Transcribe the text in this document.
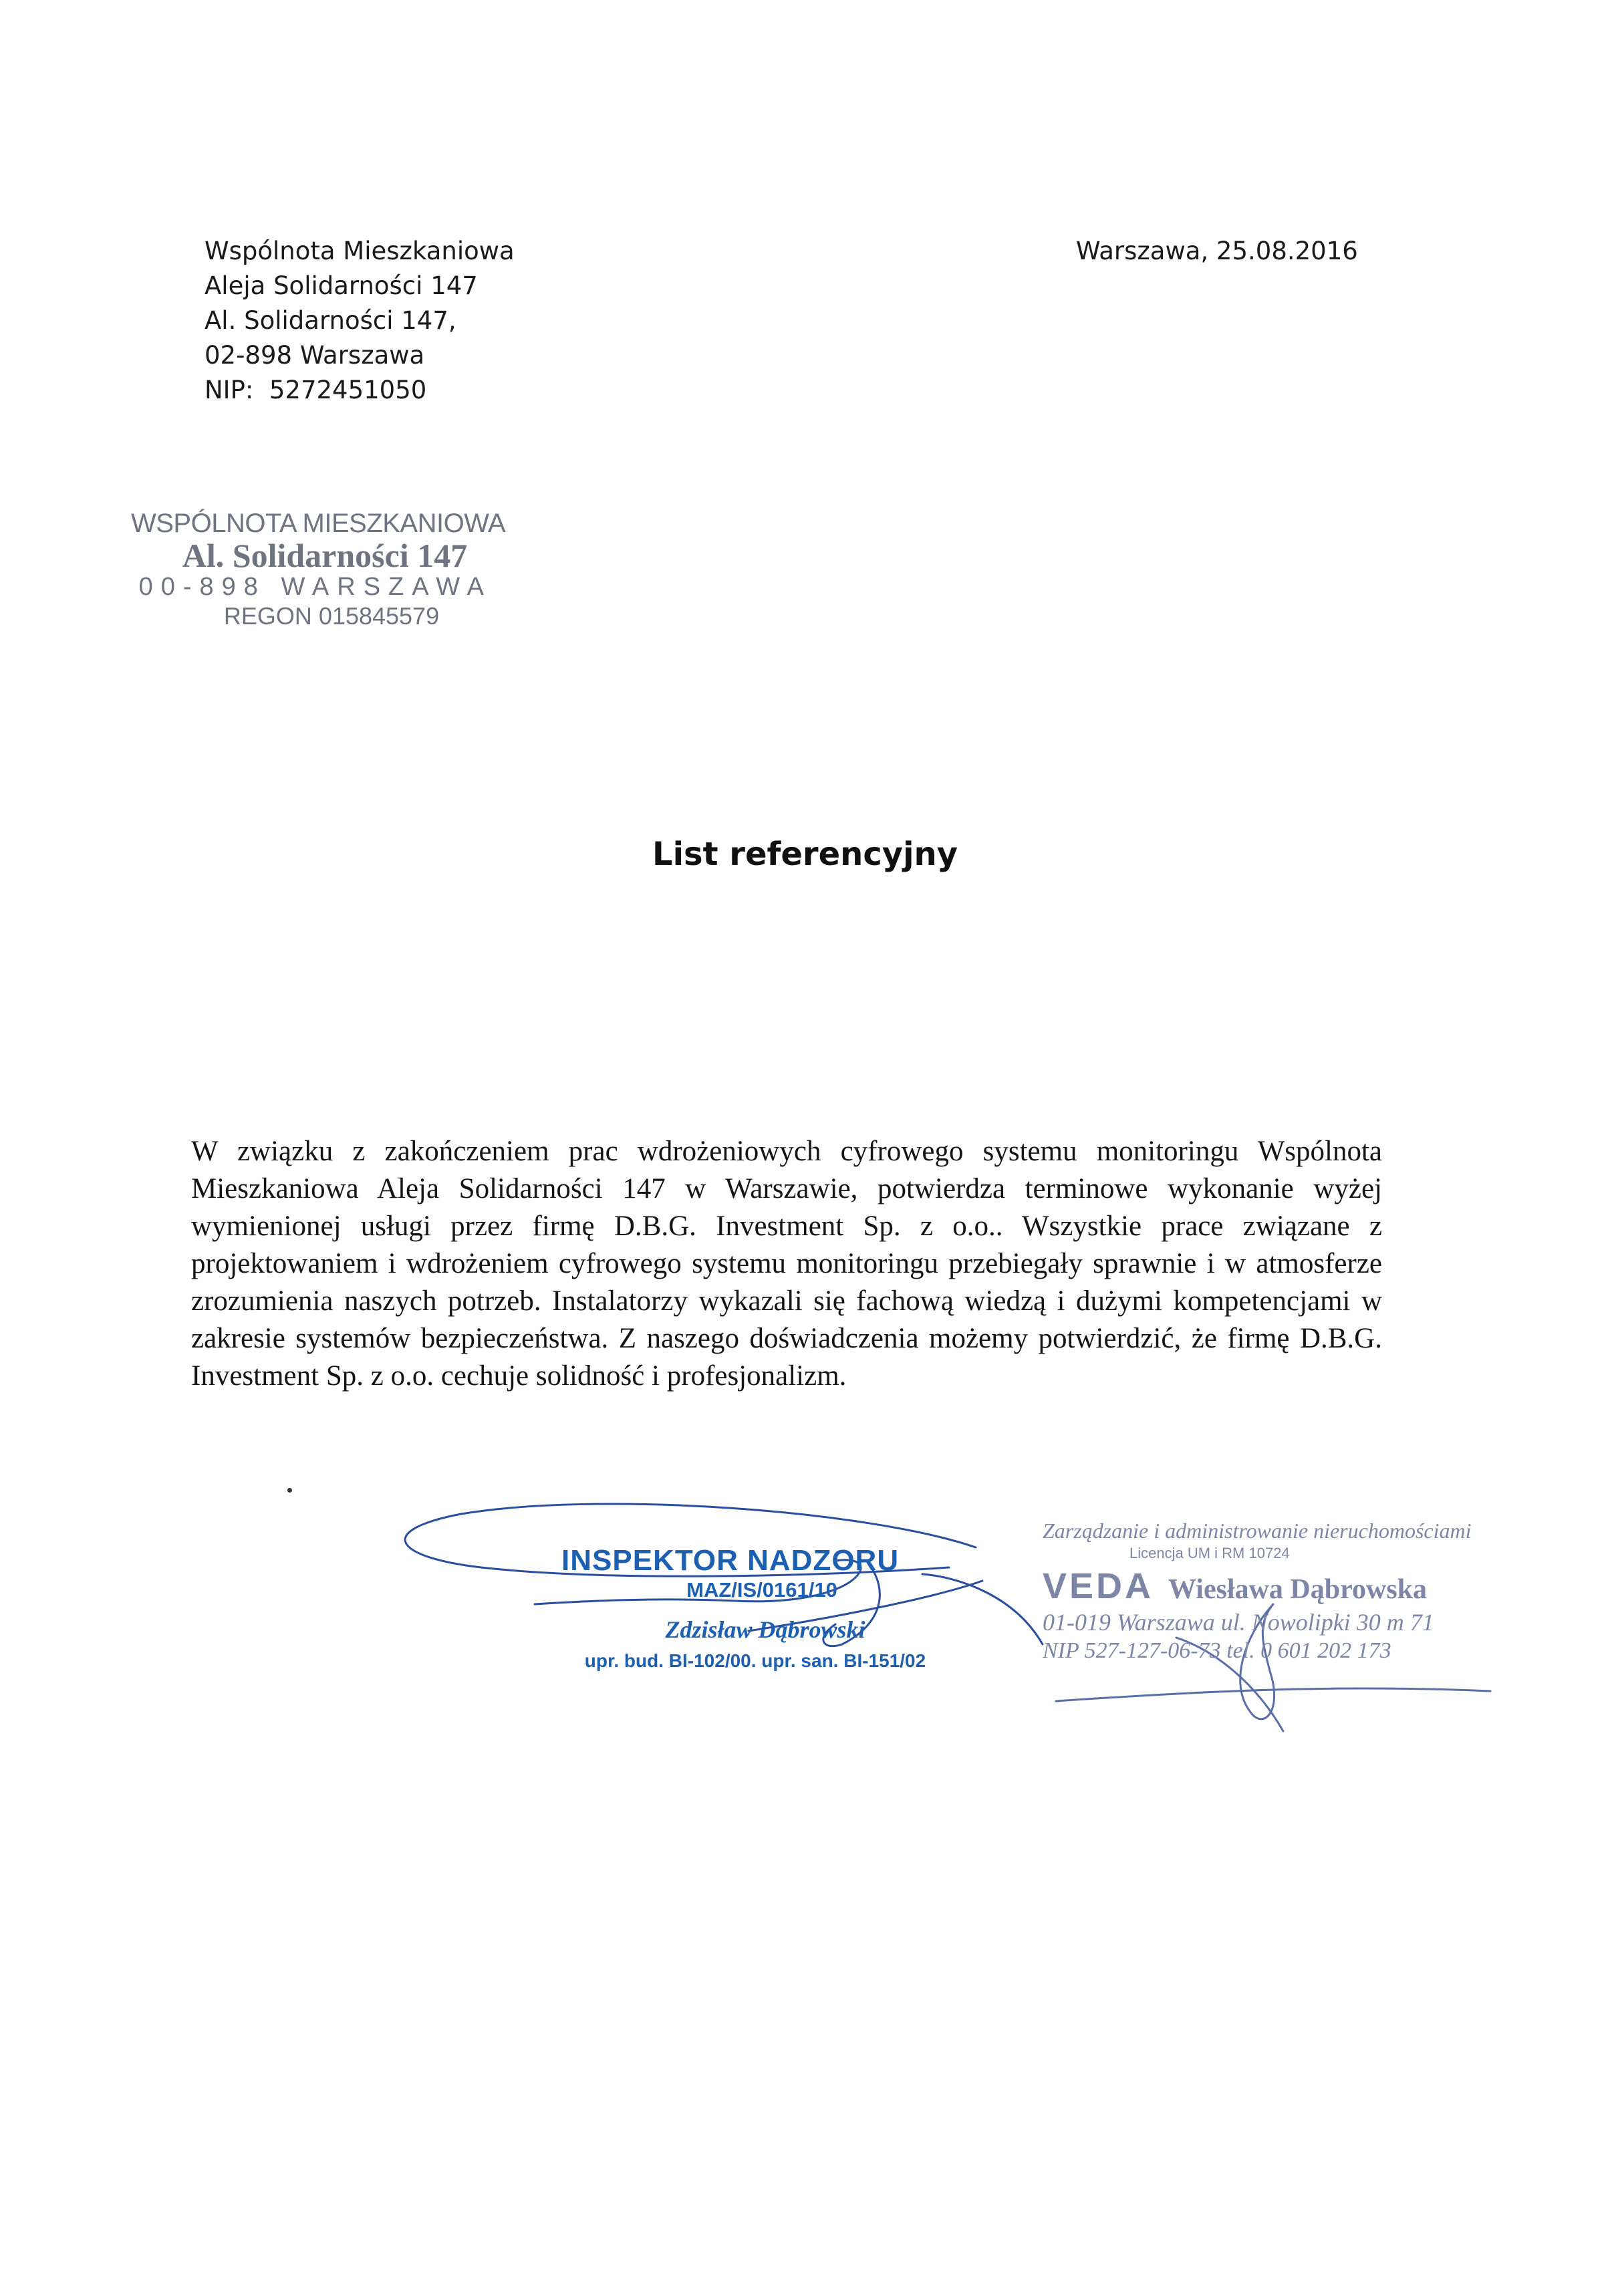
Wspólnota Mieszkaniowa
Aleja Solidarności 147
Al. Solidarności 147,
02-898 Warszawa
NIP:  5272451050
Warszawa, 25.08.2016
WSPÓLNOTA MIESZKANIOWA
Al. Solidarności 147
00-898 WARSZAWA
REGON 015845579
List referencyjny
W związku z zakończeniem prac wdrożeniowych cyfrowego systemu monitoringu Wspólnota Mieszkaniowa Aleja Solidarności 147 w Warszawie, potwierdza terminowe wykonanie wyżej wymienionej usługi przez firmę D.B.G. Investment Sp. z o.o.. Wszystkie prace związane z projektowaniem i wdrożeniem cyfrowego systemu monitoringu przebiegały sprawnie i w atmosferze zrozumienia naszych potrzeb. Instalatorzy wykazali się fachową wiedzą i dużymi kompetencjami w zakresie systemów bezpieczeństwa. Z naszego doświadczenia możemy potwierdzić, że firmę D.B.G. Investment Sp. z o.o. cechuje solidność i profesjonalizm.
INSPEKTOR NADZORU
MAZ/IS/0161/10
Zdzisław Dąbrowski
upr. bud. BI-102/00. upr. san. BI-151/02
Zarządzanie i administrowanie nieruchomościami
Licencja UM i RM 10724
VEDA Wiesława Dąbrowska
01-019 Warszawa ul. Nowolipki 30 m 71
NIP 527-127-06-73 tel. 0 601 202 173
